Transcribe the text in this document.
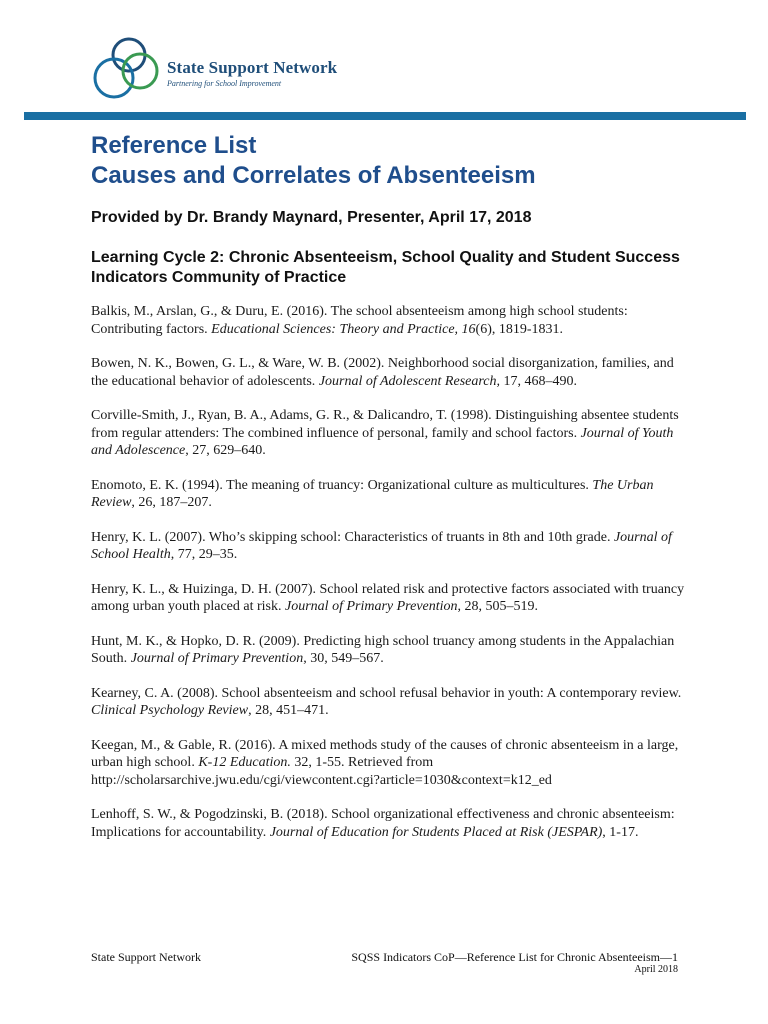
State Support Network
Partnering for School Improvement
Reference List
Causes and Correlates of Absenteeism
Provided by Dr. Brandy Maynard, Presenter, April 17, 2018
Learning Cycle 2: Chronic Absenteeism, School Quality and Student Success Indicators Community of Practice
Balkis, M., Arslan, G., & Duru, E. (2016). The school absenteeism among high school students: Contributing factors. Educational Sciences: Theory and Practice, 16(6), 1819-1831.
Bowen, N. K., Bowen, G. L., & Ware, W. B. (2002). Neighborhood social disorganization, families, and the educational behavior of adolescents. Journal of Adolescent Research, 17, 468–490.
Corville-Smith, J., Ryan, B. A., Adams, G. R., & Dalicandro, T. (1998). Distinguishing absentee students from regular attenders: The combined influence of personal, family and school factors. Journal of Youth and Adolescence, 27, 629–640.
Enomoto, E. K. (1994). The meaning of truancy: Organizational culture as multicultures. The Urban Review, 26, 187–207.
Henry, K. L. (2007). Who’s skipping school: Characteristics of truants in 8th and 10th grade. Journal of School Health, 77, 29–35.
Henry, K. L., & Huizinga, D. H. (2007). School related risk and protective factors associated with truancy among urban youth placed at risk. Journal of Primary Prevention, 28, 505–519.
Hunt, M. K., & Hopko, D. R. (2009). Predicting high school truancy among students in the Appalachian South. Journal of Primary Prevention, 30, 549–567.
Kearney, C. A. (2008). School absenteeism and school refusal behavior in youth: A contemporary review. Clinical Psychology Review, 28, 451–471.
Keegan, M., & Gable, R. (2016). A mixed methods study of the causes of chronic absenteeism in a large, urban high school. K-12 Education. 32, 1-55. Retrieved from http://scholarsarchive.jwu.edu/cgi/viewcontent.cgi?article=1030&context=k12_ed
Lenhoff, S. W., & Pogodzinski, B. (2018). School organizational effectiveness and chronic absenteeism: Implications for accountability. Journal of Education for Students Placed at Risk (JESPAR), 1-17.
State Support Network	SQSS Indicators CoP—Reference List for Chronic Absenteeism—1
April 2018
